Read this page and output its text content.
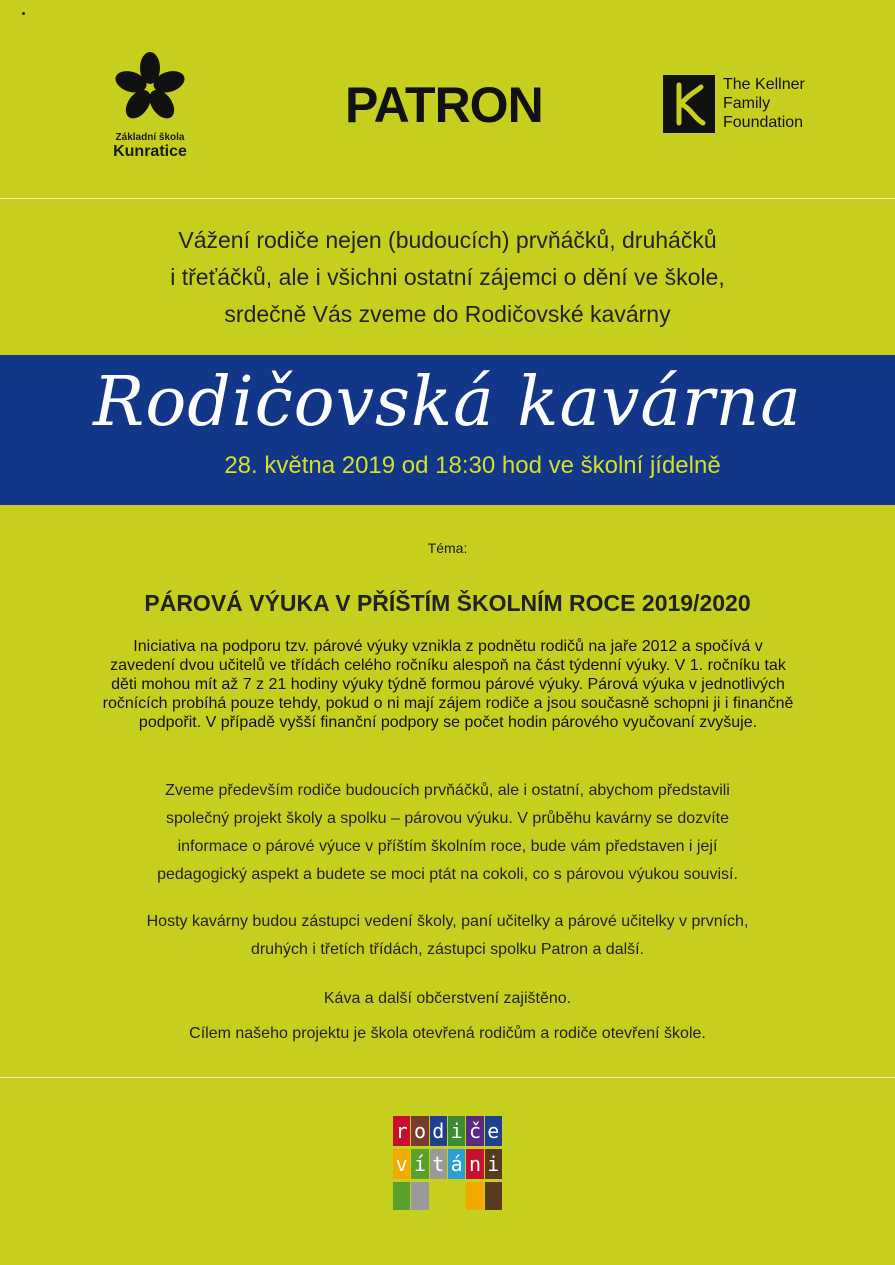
Základní škola
Kunratice
PATRON	The Kellner
Family
Foundation
Vážení rodiče nejen (budoucích) prvňáčků, druháčků
i třeťáčků, ale i všichni ostatní zájemci o dění ve škole,
srdečně Vás zveme do Rodičovské kavárny
Rodičovská kavárna
28. května 2019 od 18:30 hod ve školní jídelně
Téma:
PÁROVÁ VÝUKA V PŘÍŠTÍM ŠKOLNÍM ROCE 2019/2020
Iniciativa na podporu tzv. párové výuky vznikla z podnětu rodičů na jaře 2012 a spočívá v
zavedení dvou učitelů ve třídách celého ročníku alespoň na část týdenní výuky. V 1. ročníku tak
děti mohou mít až 7 z 21 hodiny výuky týdně formou párové výuky. Párová výuka v jednotlivých
ročnících probíhá pouze tehdy, pokud o ni mají zájem rodiče a jsou současně schopni ji i finančně
podpořit. V případě vyšší finanční podpory se počet hodin párového vyučovaní zvyšuje.
Zveme především rodiče budoucích prvňáčků, ale i ostatní, abychom představili
společný projekt školy a spolku – párovou výuku. V průběhu kavárny se dozvíte
informace o párové výuce v příštím školním roce, bude vám představen i její
pedagogický aspekt a budete se moci ptát na cokoli, co s párovou výukou souvisí.
Hosty kavárny budou zástupci vedení školy, paní učitelky a párové učitelky v prvních,
druhých i třetích třídách, zástupci spolku Patron a další.
Káva a další občerstvení zajištěno.
Cílem našeho projektu je škola otevřená rodičům a rodiče otevření škole.
r o d i č e
v í t á n i
